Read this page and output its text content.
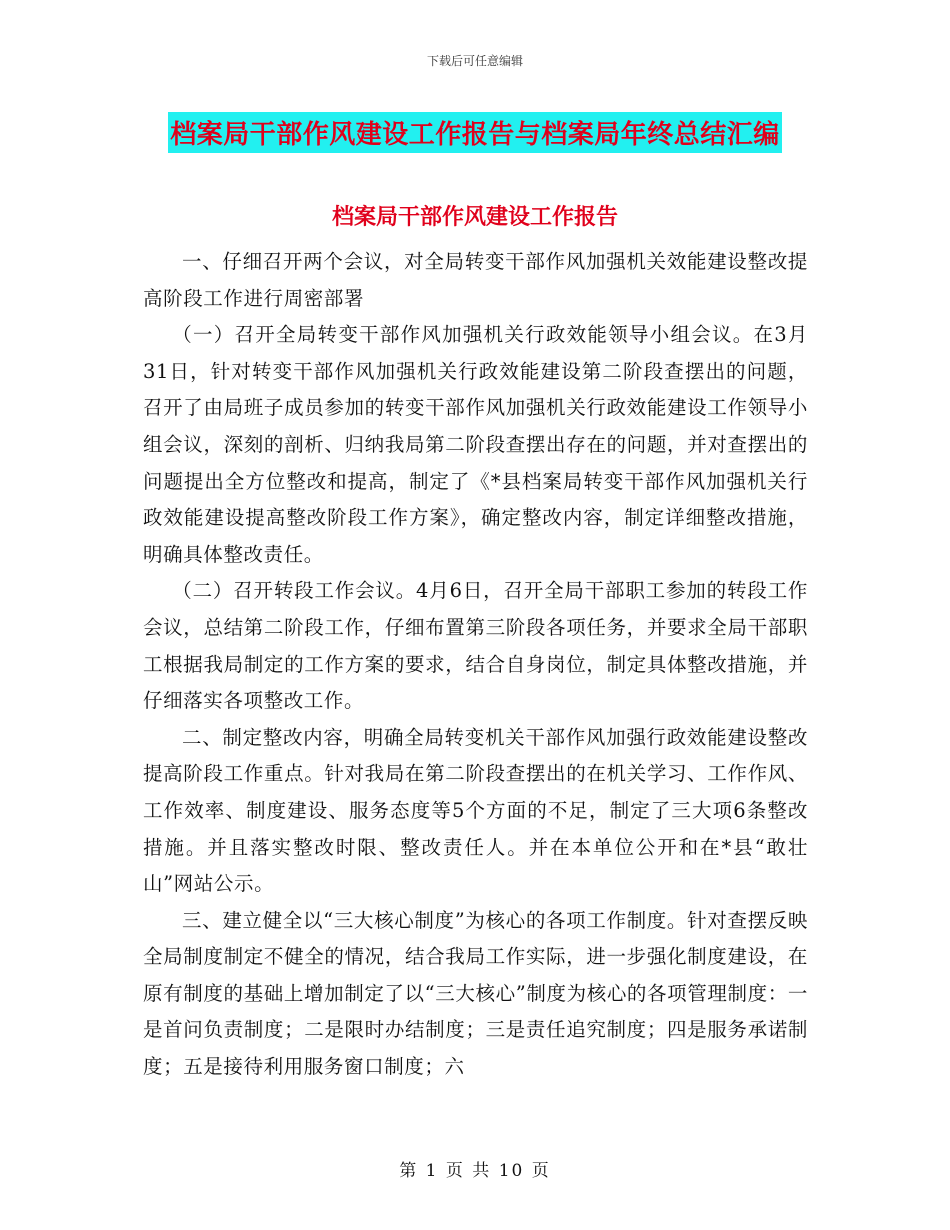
下载后可任意编辑
档案局干部作风建设工作报告与档案局年终总结汇编
档案局干部作风建设工作报告

一、仔细召开两个会议，对全局转变干部作风加强机关效能建设整改提高阶段工作进行周密部署

（一）召开全局转变干部作风加强机关行政效能领导小组会议。在3月31日，针对转变干部作风加强机关行政效能建设第二阶段查摆出的问题，召开了由局班子成员参加的转变干部作风加强机关行政效能建设工作领导小组会议，深刻的剖析、归纳我局第二阶段查摆出存在的问题，并对查摆出的问题提出全方位整改和提高，制定了《*县档案局转变干部作风加强机关行政效能建设提高整改阶段工作方案》，确定整改内容，制定详细整改措施，明确具体整改责任。

（二）召开转段工作会议。4月6日，召开全局干部职工参加的转段工作会议，总结第二阶段工作，仔细布置第三阶段各项任务，并要求全局干部职工根据我局制定的工作方案的要求，结合自身岗位，制定具体整改措施，并仔细落实各项整改工作。

二、制定整改内容，明确全局转变机关干部作风加强行政效能建设整改提高阶段工作重点。针对我局在第二阶段查摆出的在机关学习、工作作风、工作效率、制度建设、服务态度等5个方面的不足，制定了三大项6条整改措施。并且落实整改时限、整改责任人。并在本单位公开和在*县“敢壮山”网站公示。

三、建立健全以“三大核心制度”为核心的各项工作制度。针对查摆反映全局制度制定不健全的情况，结合我局工作实际，进一步强化制度建设，在原有制度的基础上增加制定了以“三大核心”制度为核心的各项管理制度：一是首问负责制度；二是限时办结制度；三是责任追究制度；四是服务承诺制度；五是接待利用服务窗口制度；六

第 1 页 共 10 页
